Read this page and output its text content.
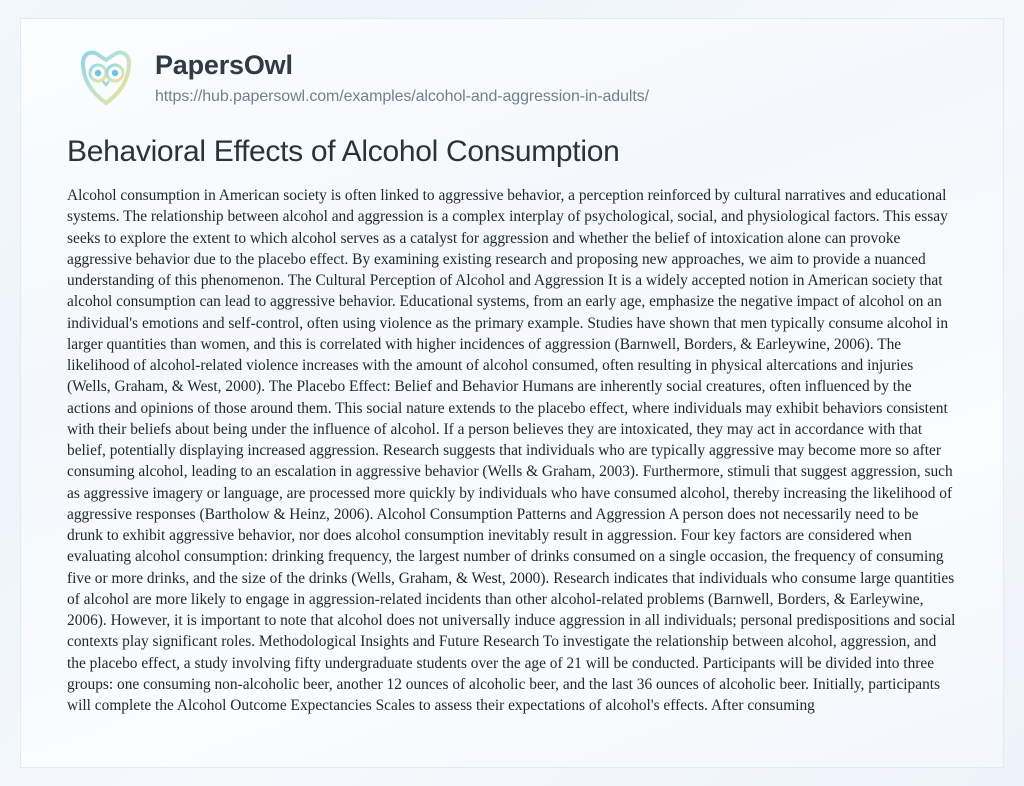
PapersOwl
https://hub.papersowl.com/examples/alcohol-and-aggression-in-adults/
Behavioral Effects of Alcohol Consumption
Alcohol consumption in American society is often linked to aggressive behavior, a perception reinforced by cultural narratives and educational systems. The relationship between alcohol and aggression is a complex interplay of psychological, social, and physiological factors. This essay seeks to explore the extent to which alcohol serves as a catalyst for aggression and whether the belief of intoxication alone can provoke aggressive behavior due to the placebo effect. By examining existing research and proposing new approaches, we aim to provide a nuanced understanding of this phenomenon. The Cultural Perception of Alcohol and Aggression It is a widely accepted notion in American society that alcohol consumption can lead to aggressive behavior. Educational systems, from an early age, emphasize the negative impact of alcohol on an individual's emotions and self-control, often using violence as the primary example. Studies have shown that men typically consume alcohol in larger quantities than women, and this is correlated with higher incidences of aggression (Barnwell, Borders, & Earleywine, 2006). The likelihood of alcohol-related violence increases with the amount of alcohol consumed, often resulting in physical altercations and injuries (Wells, Graham, & West, 2000). The Placebo Effect: Belief and Behavior Humans are inherently social creatures, often influenced by the actions and opinions of those around them. This social nature extends to the placebo effect, where individuals may exhibit behaviors consistent with their beliefs about being under the influence of alcohol. If a person believes they are intoxicated, they may act in accordance with that belief, potentially displaying increased aggression. Research suggests that individuals who are typically aggressive may become more so after consuming alcohol, leading to an escalation in aggressive behavior (Wells & Graham, 2003). Furthermore, stimuli that suggest aggression, such as aggressive imagery or language, are processed more quickly by individuals who have consumed alcohol, thereby increasing the likelihood of aggressive responses (Bartholow & Heinz, 2006). Alcohol Consumption Patterns and Aggression A person does not necessarily need to be drunk to exhibit aggressive behavior, nor does alcohol consumption inevitably result in aggression. Four key factors are considered when evaluating alcohol consumption: drinking frequency, the largest number of drinks consumed on a single occasion, the frequency of consuming five or more drinks, and the size of the drinks (Wells, Graham, & West, 2000). Research indicates that individuals who consume large quantities of alcohol are more likely to engage in aggression-related incidents than other alcohol-related problems (Barnwell, Borders, & Earleywine, 2006). However, it is important to note that alcohol does not universally induce aggression in all individuals; personal predispositions and social contexts play significant roles. Methodological Insights and Future Research To investigate the relationship between alcohol, aggression, and the placebo effect, a study involving fifty undergraduate students over the age of 21 will be conducted. Participants will be divided into three groups: one consuming non-alcoholic beer, another 12 ounces of alcoholic beer, and the last 36 ounces of alcoholic beer. Initially, participants will complete the Alcohol Outcome Expectancies Scales to assess their expectations of alcohol's effects. After consuming
